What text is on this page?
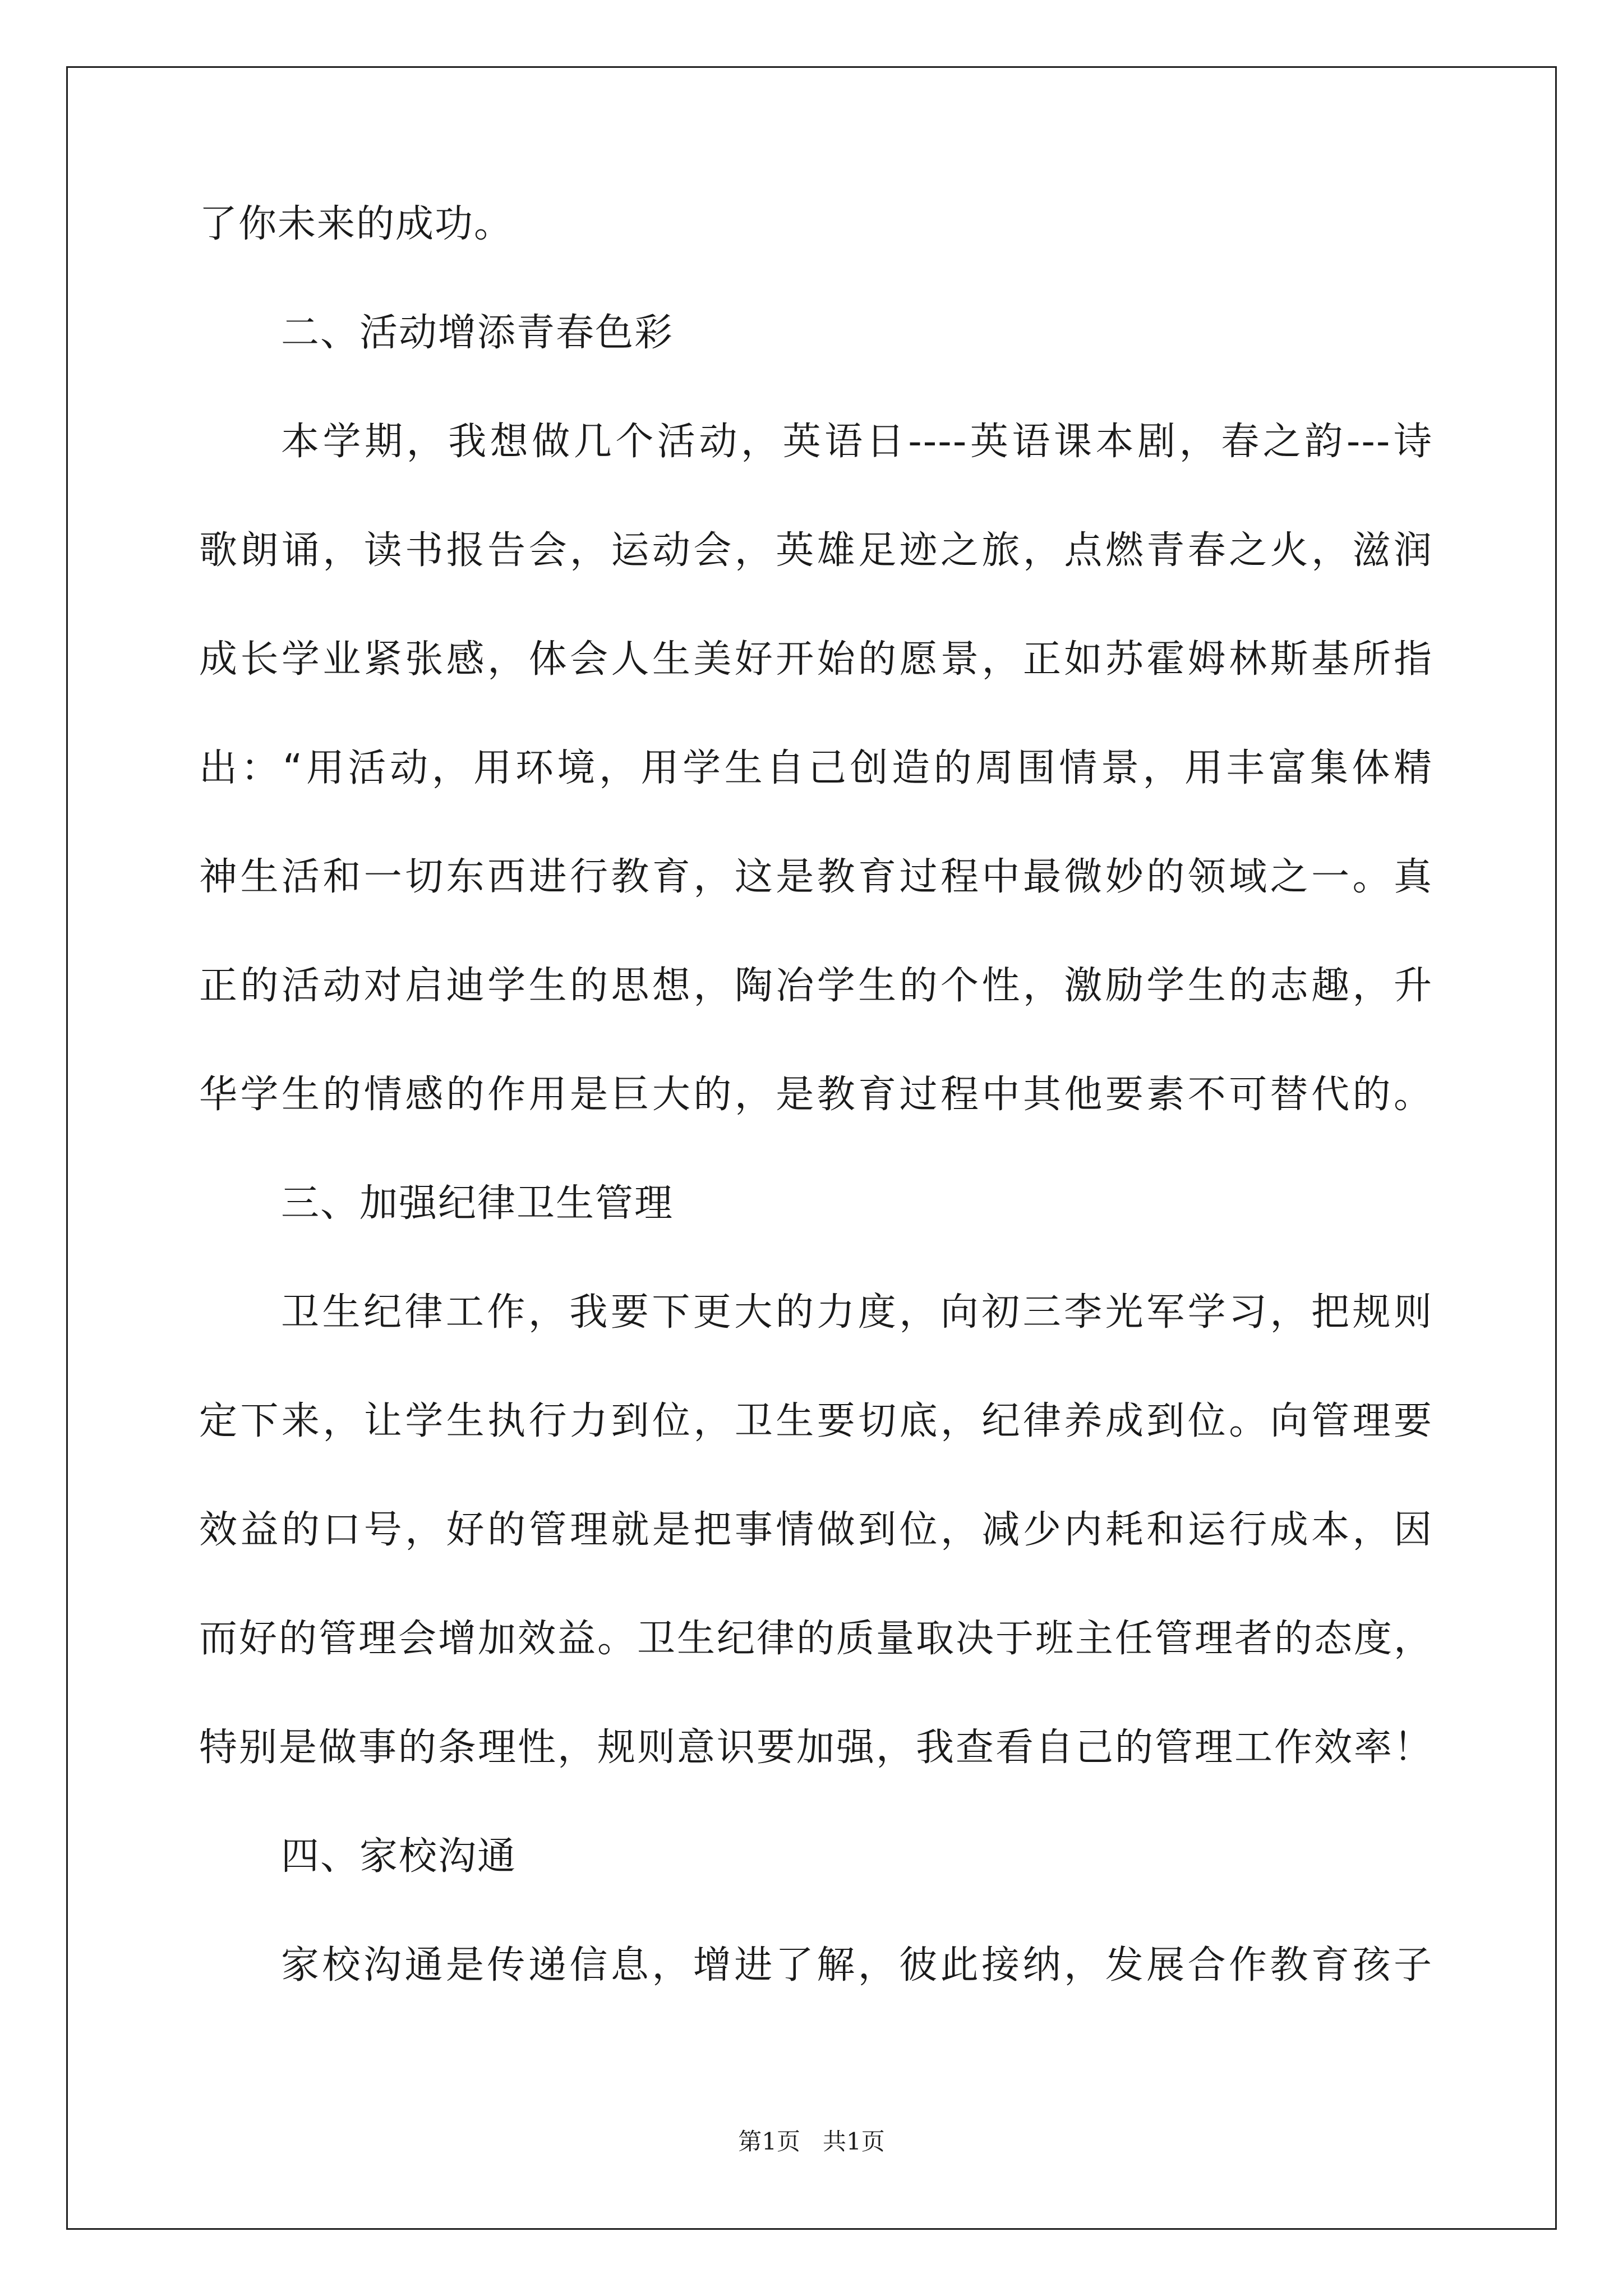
了你未来的成功。
二、活动增添青春色彩
本学期，我想做几个活动，英语日----英语课本剧，春之韵---诗
歌朗诵，读书报告会，运动会，英雄足迹之旅，点燃青春之火，滋润
成长学业紧张感，体会人生美好开始的愿景，正如苏霍姆林斯基所指
出：“用活动，用环境，用学生自己创造的周围情景，用丰富集体精
神生活和一切东西进行教育，这是教育过程中最微妙的领域之一。真
正的活动对启迪学生的思想，陶冶学生的个性，激励学生的志趣，升
华学生的情感的作用是巨大的，是教育过程中其他要素不可替代的。
三、加强纪律卫生管理
卫生纪律工作，我要下更大的力度，向初三李光军学习，把规则
定下来，让学生执行力到位，卫生要切底，纪律养成到位。向管理要
效益的口号，好的管理就是把事情做到位，减少内耗和运行成本，因
而好的管理会增加效益。卫生纪律的质量取决于班主任管理者的态度，
特别是做事的条理性，规则意识要加强，我查看自己的管理工作效率！
四、家校沟通
家校沟通是传递信息，增进了解，彼此接纳，发展合作教育孩子
第1页 共1页
